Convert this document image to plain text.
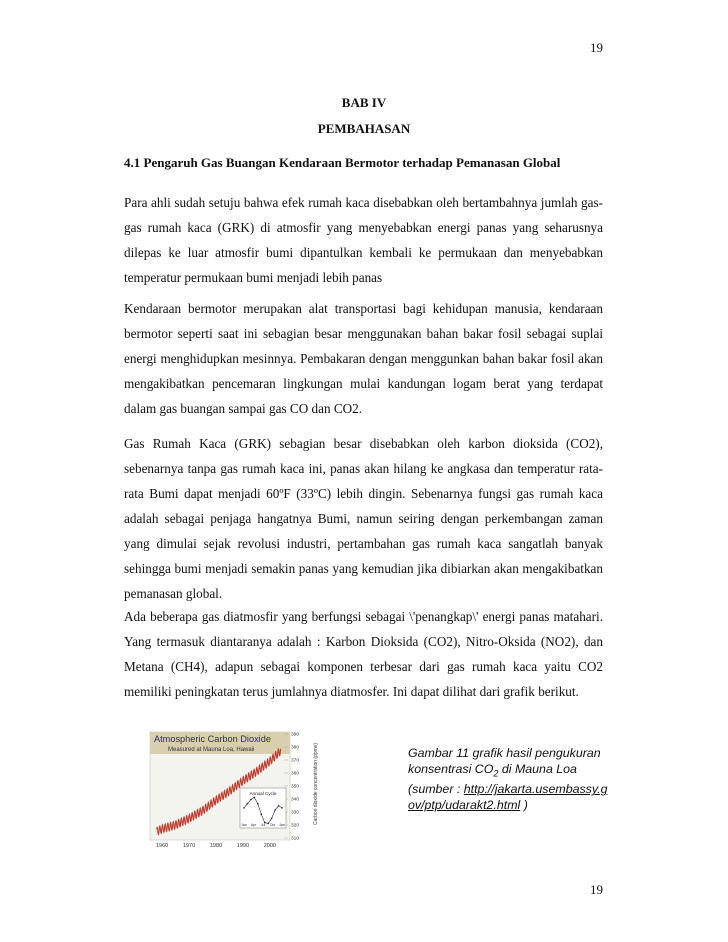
19
BAB IV
PEMBAHASAN
4.1 Pengaruh Gas Buangan Kendaraan Bermotor terhadap Pemanasan Global

Para ahli sudah setuju bahwa efek rumah kaca disebabkan oleh bertambahnya jumlah gas-gas rumah kaca (GRK) di atmosfir yang menyebabkan energi panas yang seharusnya dilepas ke luar atmosfir bumi dipantulkan kembali ke permukaan dan menyebabkan temperatur permukaan bumi menjadi lebih panas

Kendaraan bermotor merupakan alat transportasi bagi kehidupan manusia, kendaraan bermotor seperti saat ini sebagian besar menggunakan bahan bakar fosil sebagai suplai energi menghidupkan mesinnya. Pembakaran dengan menggunkan bahan bakar fosil akan mengakibatkan pencemaran lingkungan mulai kandungan logam berat yang terdapat dalam gas buangan sampai gas CO dan CO2.

Gas Rumah Kaca (GRK) sebagian besar disebabkan oleh karbon dioksida (CO2), sebenarnya tanpa gas rumah kaca ini, panas akan hilang ke angkasa dan temperatur rata-rata Bumi dapat menjadi 60ºF (33ºC) lebih dingin. Sebenarnya fungsi gas rumah kaca adalah sebagai penjaga hangatnya Bumi, namun seiring dengan perkembangan zaman yang dimulai sejak revolusi industri, pertambahan gas rumah kaca sangatlah banyak sehingga bumi menjadi semakin panas yang kemudian jika dibiarkan akan mengakibatkan pemanasan global.

Ada beberapa gas diatmosfir yang berfungsi sebagai \'penangkap\' energi panas matahari. Yang termasuk diantaranya adalah : Karbon Dioksida (CO2), Nitro-Oksida (NO2), dan Metana (CH4), adapun sebagai komponen terbesar dari gas rumah kaca yaitu CO2 memiliki peningkatan terus jumlahnya diatmosfer. Ini dapat dilihat dari grafik berikut.

Atmospheric Carbon Dioxide
Measured at Mauna Loa, Hawaii
390
380
370
360
350
340
330
320
310
1960	1970	1980	1990	2000
Carbon dioxide concentration (ppmv)
Annual Cycle
Jan Apr Jul Oct Jan
Gambar 11 grafik hasil pengukuran konsentrasi $CO_2$ di Mauna Loa (sumber : http://jakarta.usembassy.gov/ptp/udarakt2.html )
19
